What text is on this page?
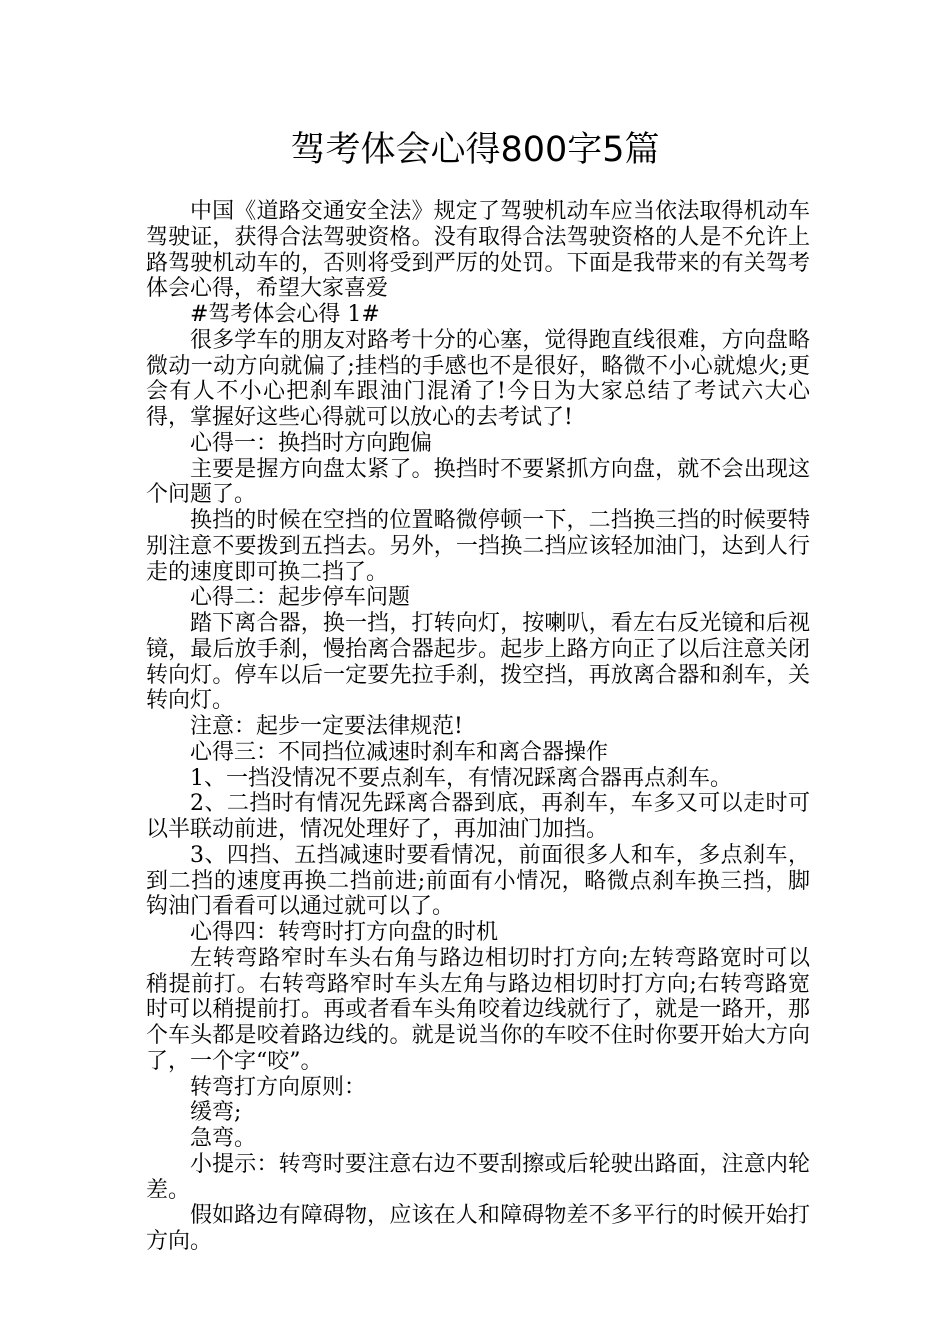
驾考体会心得800字5篇

中国《道路交通安全法》规定了驾驶机动车应当依法取得机动车驾驶证，获得合法驾驶资格。没有取得合法驾驶资格的人是不允许上路驾驶机动车的，否则将受到严厉的处罚。下面是我带来的有关驾考体会心得，希望大家喜爱

#驾考体会心得 1#

很多学车的朋友对路考十分的心塞，觉得跑直线很难，方向盘略微动一动方向就偏了;挂档的手感也不是很好，略微不小心就熄火;更会有人不小心把刹车跟油门混淆了!今日为大家总结了考试六大心得，掌握好这些心得就可以放心的去考试了!

心得一：换挡时方向跑偏

主要是握方向盘太紧了。换挡时不要紧抓方向盘，就不会出现这个问题了。

换挡的时候在空挡的位置略微停顿一下，二挡换三挡的时候要特别注意不要拨到五挡去。另外，一挡换二挡应该轻加油门，达到人行走的速度即可换二挡了。

心得二：起步停车问题

踏下离合器，换一挡，打转向灯，按喇叭，看左右反光镜和后视镜，最后放手刹，慢抬离合器起步。起步上路方向正了以后注意关闭转向灯。停车以后一定要先拉手刹，拨空挡，再放离合器和刹车，关转向灯。

注意：起步一定要法律规范!

心得三：不同挡位减速时刹车和离合器操作

1、一挡没情况不要点刹车，有情况踩离合器再点刹车。

2、二挡时有情况先踩离合器到底，再刹车，车多又可以走时可以半联动前进，情况处理好了，再加油门加挡。

3、四挡、五挡减速时要看情况，前面很多人和车，多点刹车，到二挡的速度再换二挡前进;前面有小情况，略微点刹车换三挡，脚钩油门看看可以通过就可以了。

心得四：转弯时打方向盘的时机

左转弯路窄时车头右角与路边相切时打方向;左转弯路宽时可以稍提前打。右转弯路窄时车头左角与路边相切时打方向;右转弯路宽时可以稍提前打。再或者看车头角咬着边线就行了，就是一路开，那个车头都是咬着路边线的。就是说当你的车咬不住时你要开始大方向了，一个字“咬”。

转弯打方向原则：

缓弯;

急弯。

小提示：转弯时要注意右边不要刮擦或后轮驶出路面，注意内轮差。

假如路边有障碍物，应该在人和障碍物差不多平行的时候开始打方向。
